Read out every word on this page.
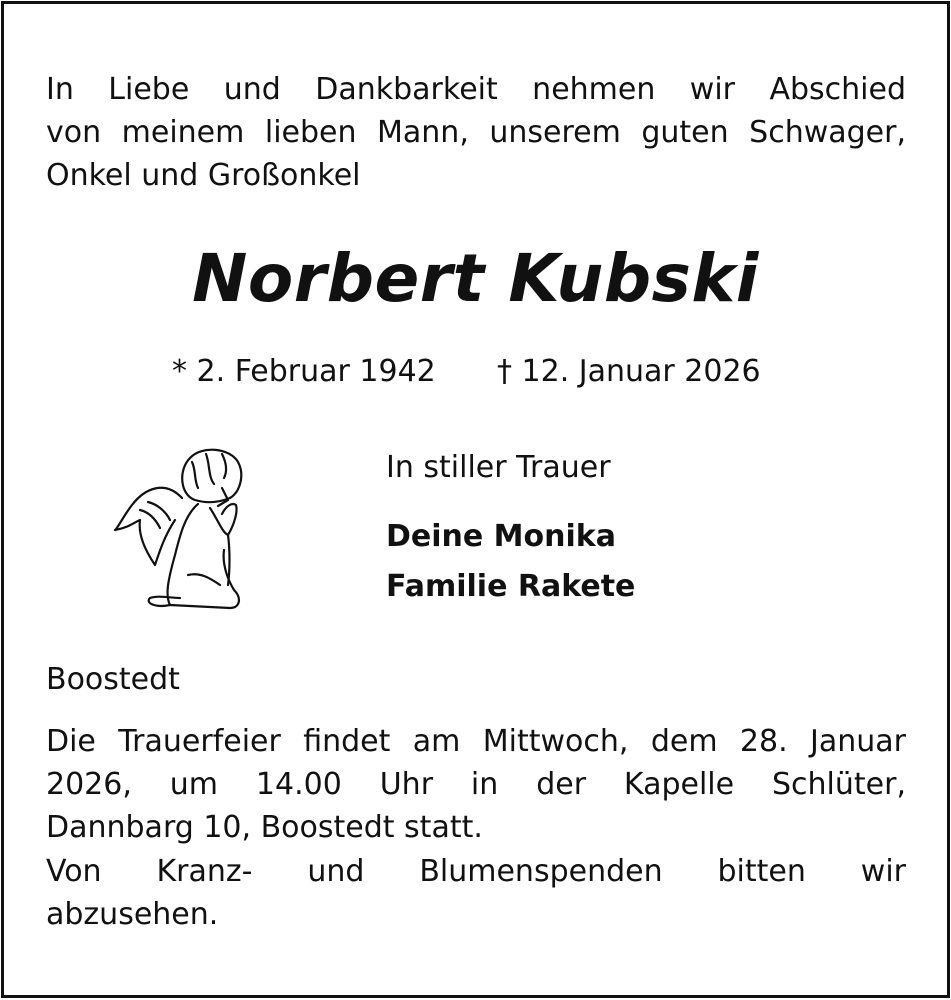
In Liebe und Dankbarkeit nehmen wir Abschied
von meinem lieben Mann, unserem guten Schwager,
Onkel und Großonkel
Norbert Kubski
* 2. Februar 1942 † 12. Januar 2026
In stiller Trauer
Deine Monika
Familie Rakete
Boostedt
Die Trauerfeier findet am Mittwoch, dem 28. Januar
2026, um 14.00 Uhr in der Kapelle Schlüter,
Dannbarg 10, Boostedt statt.
Von Kranz- und Blumenspenden bitten wir
abzusehen.
